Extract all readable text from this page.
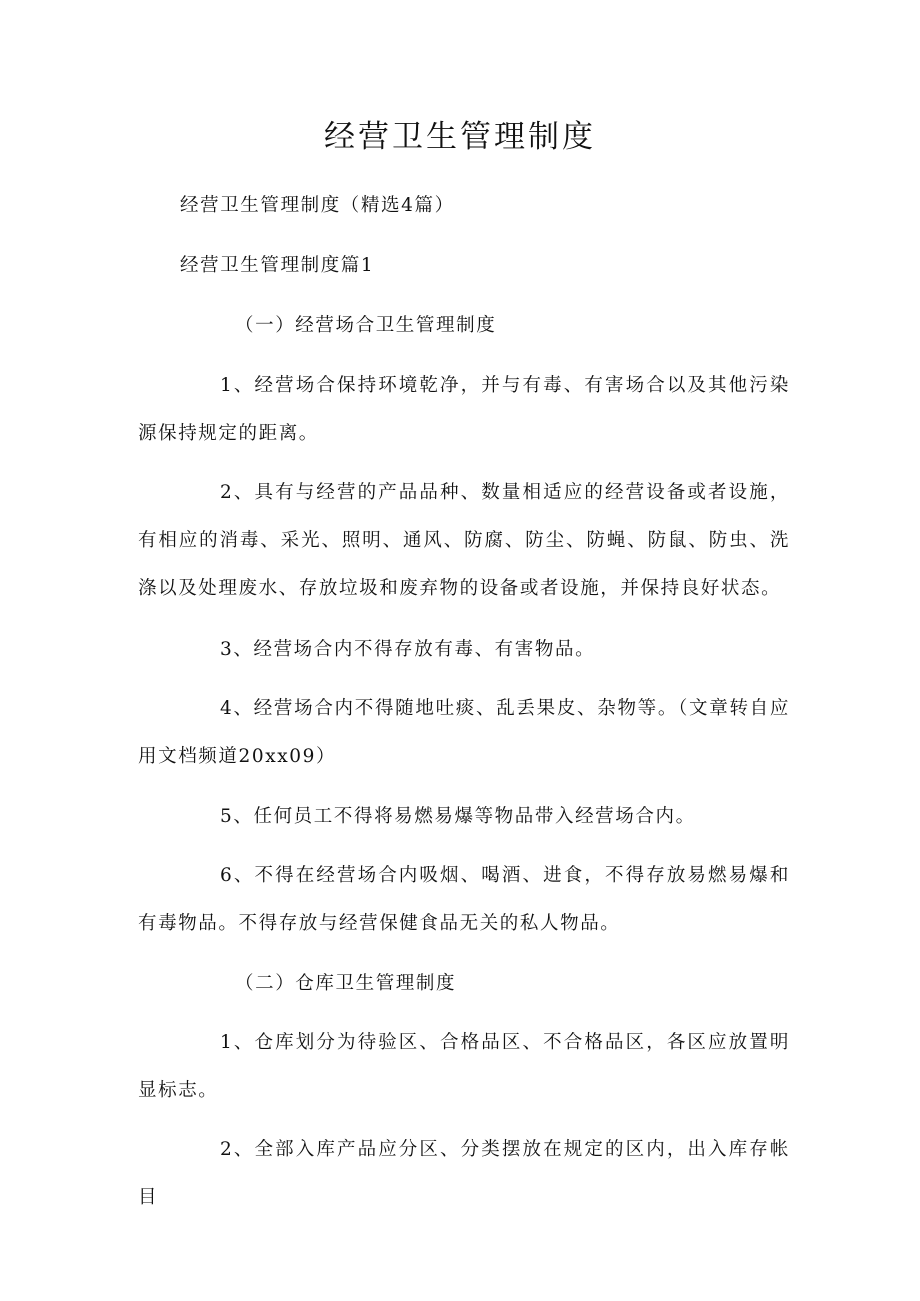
经营卫生管理制度

经营卫生管理制度（精选4篇）

经营卫生管理制度篇1

（一）经营场合卫生管理制度

1、经营场合保持环境乾净，并与有毒、有害场合以及其他污染源保持规定的距离。

2、具有与经营的产品品种、数量相适应的经营设备或者设施，有相应的消毒、采光、照明、通风、防腐、防尘、防蝇、防鼠、防虫、洗涤以及处理废水、存放垃圾和废弃物的设备或者设施，并保持良好状态。

3、经营场合内不得存放有毒、有害物品。

4、经营场合内不得随地吐痰、乱丢果皮、杂物等。（文章转自应用文档频道20xx09）

5、任何员工不得将易燃易爆等物品带入经营场合内。

6、不得在经营场合内吸烟、喝酒、进食，不得存放易燃易爆和有毒物品。不得存放与经营保健食品无关的私人物品。

（二）仓库卫生管理制度

1、仓库划分为待验区、合格品区、不合格品区，各区应放置明显标志。

2、全部入库产品应分区、分类摆放在规定的区内，出入库存帐目
